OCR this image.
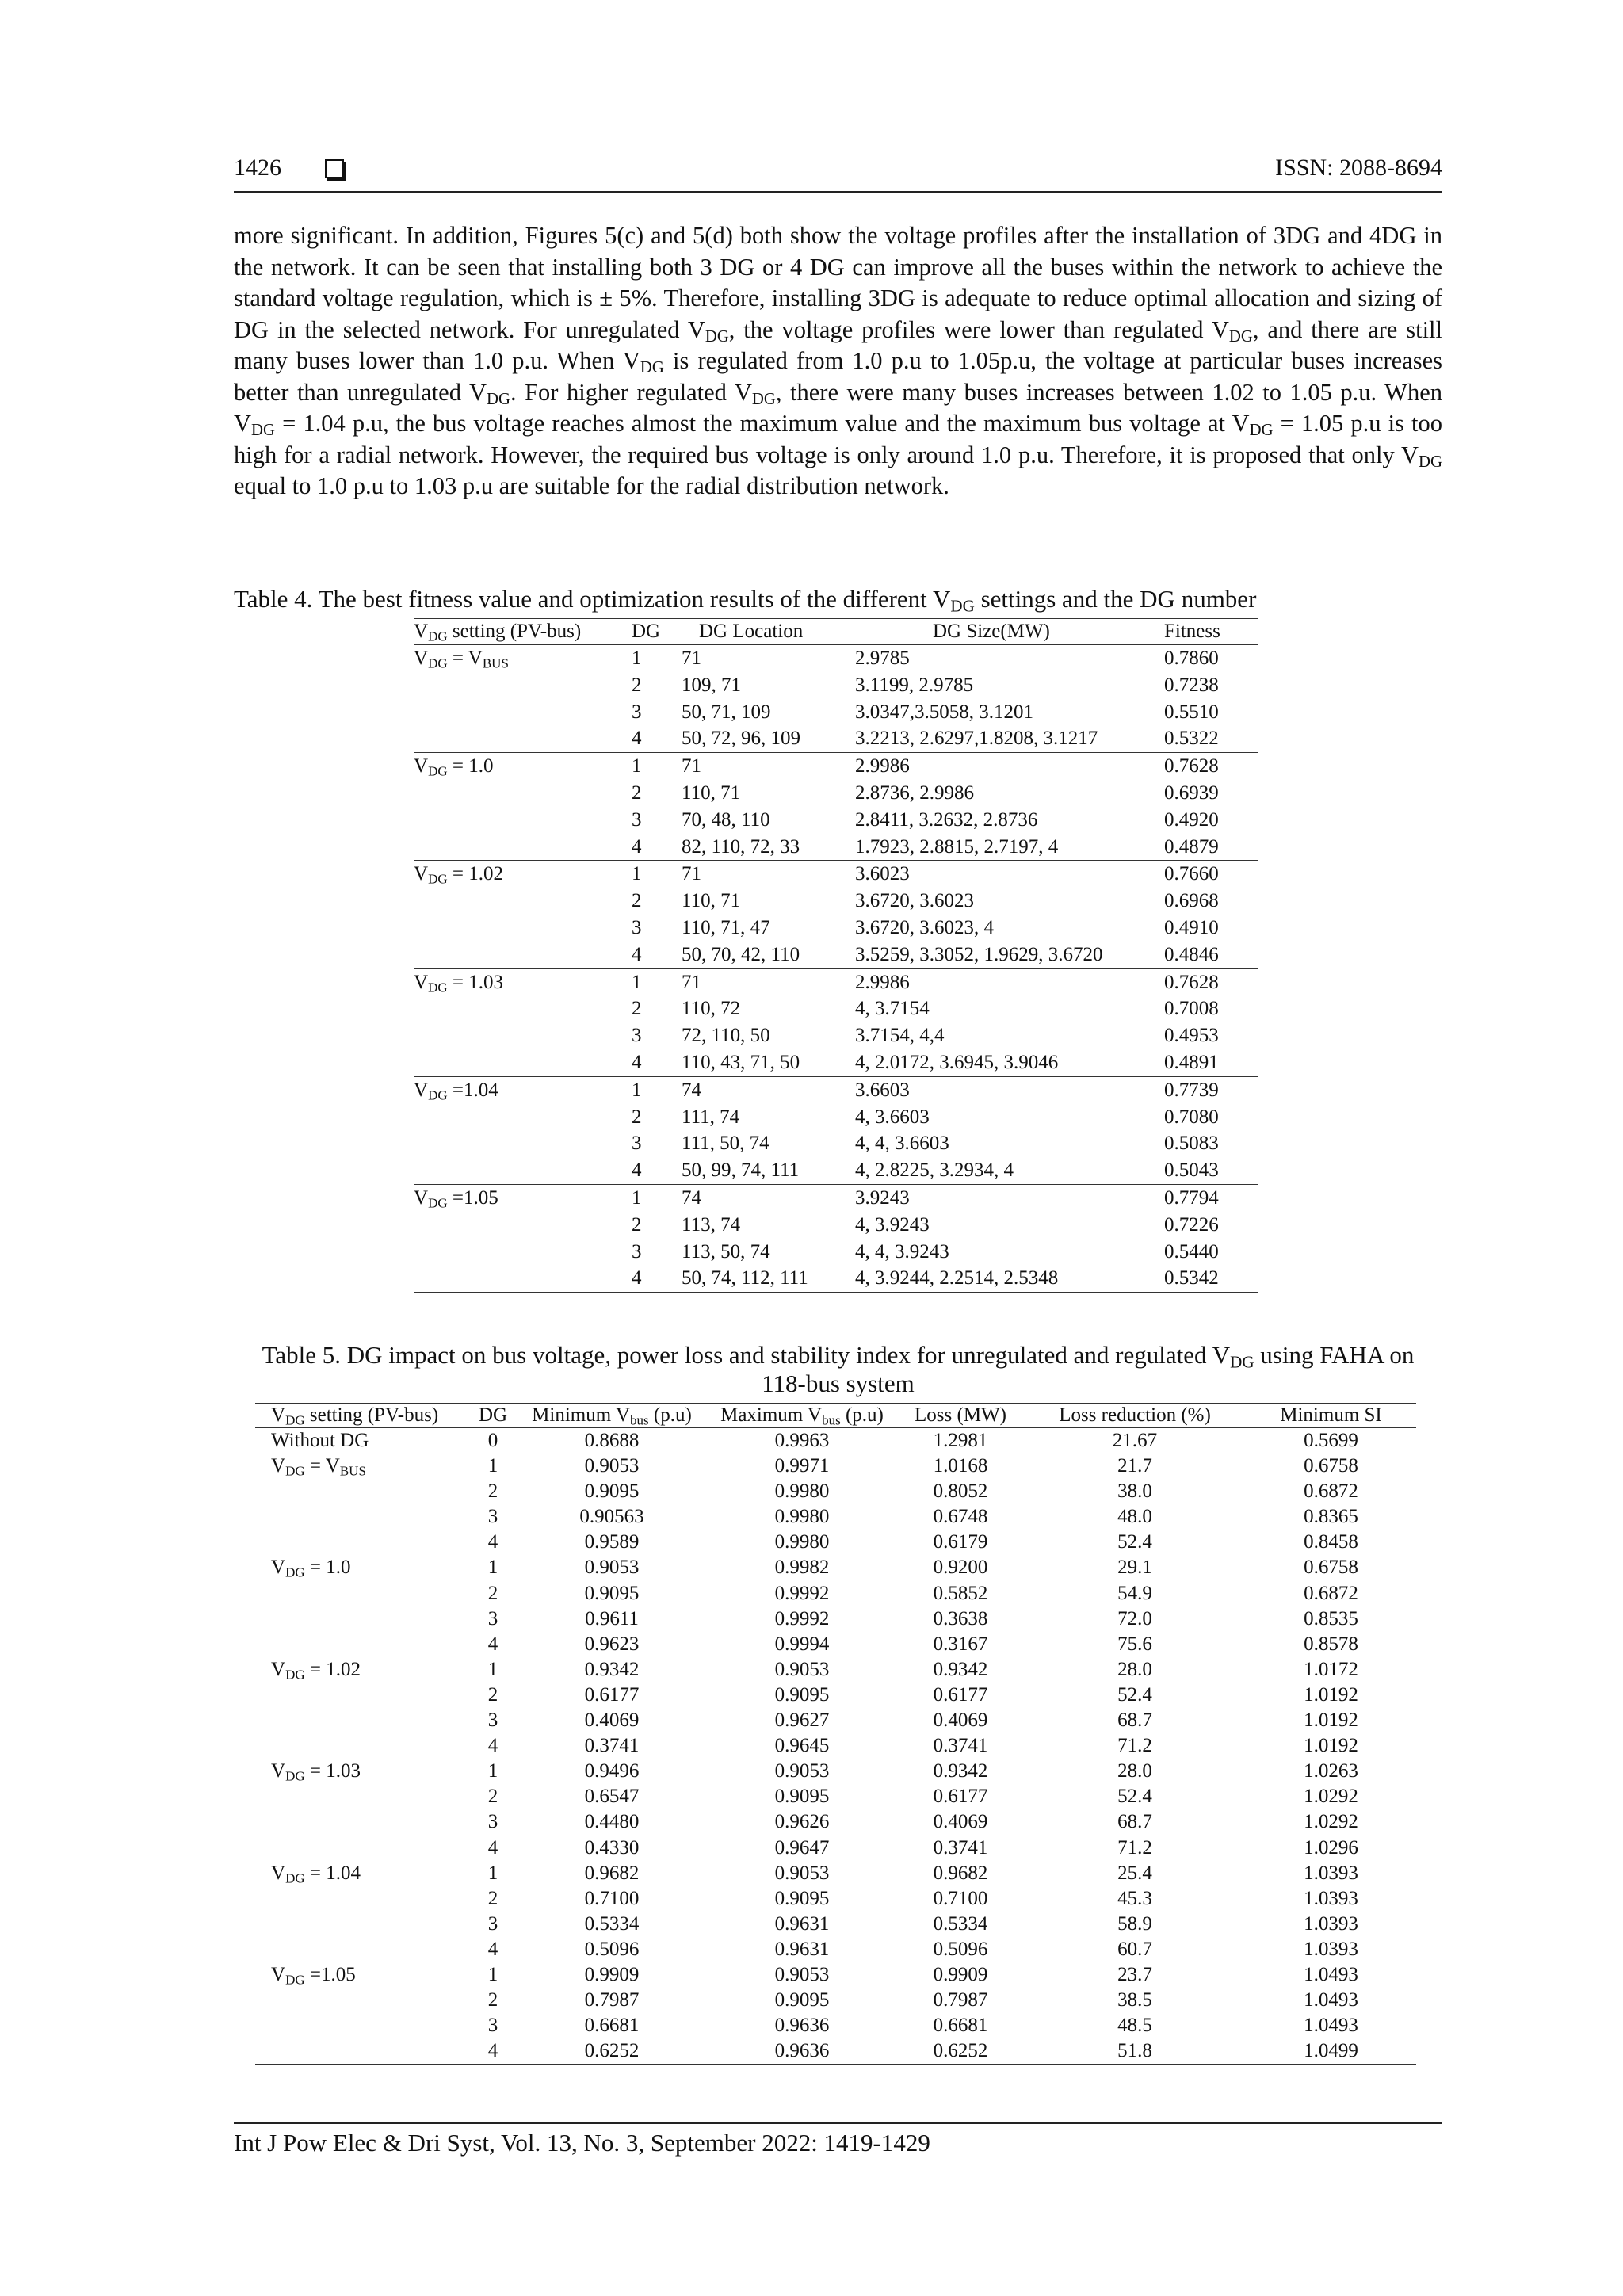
1426	ISSN: 2088-8694

more significant. In addition, Figures 5(c) and 5(d) both show the voltage profiles after the installation of 3DG and 4DG in the network. It can be seen that installing both 3 DG or 4 DG can improve all the buses within the network to achieve the standard voltage regulation, which is ± 5%. Therefore, installing 3DG is adequate to reduce optimal allocation and sizing of DG in the selected network. For unregulated $V_{DG}$, the voltage profiles were lower than regulated $V_{DG}$, and there are still many buses lower than 1.0 p.u. When $V_{DG}$ is regulated from 1.0 p.u to 1.05p.u, the voltage at particular buses increases better than unregulated $V_{DG}$. For higher regulated $V_{DG}$, there were many buses increases between 1.02 to 1.05 p.u. When $V_{DG} = 1.04$ p.u, the bus voltage reaches almost the maximum value and the maximum bus voltage at $V_{DG} = 1.05$ p.u is too high for a radial network. However, the required bus voltage is only around 1.0 p.u. Therefore, it is proposed that only $V_{DG}$ equal to 1.0 p.u to 1.03 p.u are suitable for the radial distribution network.

Table 4. The best fitness value and optimization results of the different $V_{DG}$ settings and the DG number
$V_{DG}$ setting (PV-bus)	DG	DG Location	DG Size(MW)	Fitness
$V_{DG} = V_{BUS}$	1	71	2.9785	0.7860
	2	109, 71	3.1199, 2.9785	0.7238
	3	50, 71, 109	3.0347,3.5058, 3.1201	0.5510
	4	50, 72, 96, 109	3.2213, 2.6297,1.8208, 3.1217	0.5322
$V_{DG} = 1.0$	1	71	2.9986	0.7628
	2	110, 71	2.8736, 2.9986	0.6939
	3	70, 48, 110	2.8411, 3.2632, 2.8736	0.4920
	4	82, 110, 72, 33	1.7923, 2.8815, 2.7197, 4	0.4879
$V_{DG} = 1.02$	1	71	3.6023	0.7660
	2	110, 71	3.6720, 3.6023	0.6968
	3	110, 71, 47	3.6720, 3.6023, 4	0.4910
	4	50, 70, 42, 110	3.5259, 3.3052, 1.9629, 3.6720	0.4846
$V_{DG} = 1.03$	1	71	2.9986	0.7628
	2	110, 72	4, 3.7154	0.7008
	3	72, 110, 50	3.7154, 4,4	0.4953
	4	110, 43, 71, 50	4, 2.0172, 3.6945, 3.9046	0.4891
$V_{DG} =1.04$	1	74	3.6603	0.7739
	2	111, 74	4, 3.6603	0.7080
	3	111, 50, 74	4, 4, 3.6603	0.5083
	4	50, 99, 74, 111	4, 2.8225, 3.2934, 4	0.5043
$V_{DG} =1.05$	1	74	3.9243	0.7794
	2	113, 74	4, 3.9243	0.7226
	3	113, 50, 74	4, 4, 3.9243	0.5440
	4	50, 74, 112, 111	4, 3.9244, 2.2514, 2.5348	0.5342
Table 5. DG impact on bus voltage, power loss and stability index for unregulated and regulated $V_{DG}$ using FAHA on 118-bus system
$V_{DG}$ setting (PV-bus)	DG	Minimum $V_{bus}$ (p.u)	Maximum $V_{bus}$ (p.u)	Loss (MW)	Loss reduction (%)	Minimum SI
Without DG	0	0.8688	0.9963	1.2981	21.67	0.5699
$V_{DG} = V_{BUS}$	1	0.9053	0.9971	1.0168	21.7	0.6758
	2	0.9095	0.9980	0.8052	38.0	0.6872
	3	0.90563	0.9980	0.6748	48.0	0.8365
	4	0.9589	0.9980	0.6179	52.4	0.8458
$V_{DG} = 1.0$	1	0.9053	0.9982	0.9200	29.1	0.6758
	2	0.9095	0.9992	0.5852	54.9	0.6872
	3	0.9611	0.9992	0.3638	72.0	0.8535
	4	0.9623	0.9994	0.3167	75.6	0.8578
$V_{DG} = 1.02$	1	0.9342	0.9053	0.9342	28.0	1.0172
	2	0.6177	0.9095	0.6177	52.4	1.0192
	3	0.4069	0.9627	0.4069	68.7	1.0192
	4	0.3741	0.9645	0.3741	71.2	1.0192
$V_{DG} = 1.03$	1	0.9496	0.9053	0.9342	28.0	1.0263
	2	0.6547	0.9095	0.6177	52.4	1.0292
	3	0.4480	0.9626	0.4069	68.7	1.0292
	4	0.4330	0.9647	0.3741	71.2	1.0296
$V_{DG} = 1.04$	1	0.9682	0.9053	0.9682	25.4	1.0393
	2	0.7100	0.9095	0.7100	45.3	1.0393
	3	0.5334	0.9631	0.5334	58.9	1.0393
	4	0.5096	0.9631	0.5096	60.7	1.0393
$V_{DG} =1.05$	1	0.9909	0.9053	0.9909	23.7	1.0493
	2	0.7987	0.9095	0.7987	38.5	1.0493
	3	0.6681	0.9636	0.6681	48.5	1.0493
	4	0.6252	0.9636	0.6252	51.8	1.0499
Int J Pow Elec & Dri Syst, Vol. 13, No. 3, September 2022: 1419-1429
